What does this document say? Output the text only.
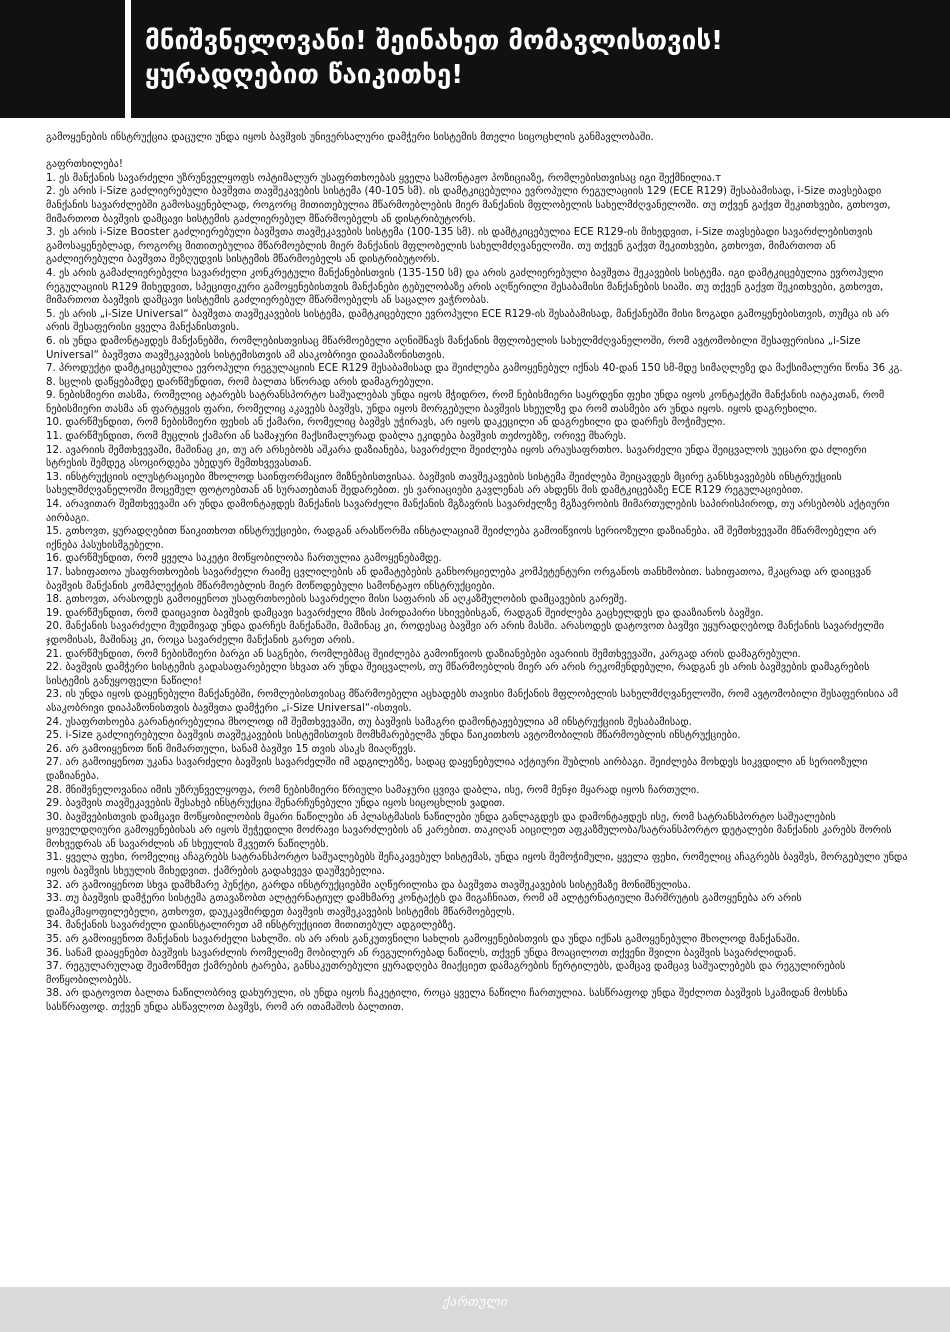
მნიშვნელოვანი! შეინახეთ მომავლისთვის!
ყურადღებით წაიკითხე!

გამოყენების ინსტრუქცია დაცული უნდა იყოს ბავშვის უნივერსალური დამჭერი სისტემის მთელი სიცოცხლის განმავლობაში.

გაფრთხილება!

1. ეს მანქანის სავარძელი უზრუნველყოფს ოპტიმალურ უსაფრთხოებას ყველა სამონტაჟო პოზიციაზე, რომლებისთვისაც იგი შექმნილია.т

2. ეს არის i-Size გაძლიერებული ბავშვთა თავშეკავების სისტემა (40-105 სმ). ის დამტკიცებულია ევროპული რეგულაციის 129 (ECE R129) შესაბამისად, i-Size თავსებადი მანქანის სავარძლებში გამოსაყენებლად, როგორც მითითებულია მწარმოებლების მიერ მანქანის მფლობელის სახელმძღვანელოში. თუ თქვენ გაქვთ შეკითხვები, გთხოვთ, მიმართოთ ბავშვის დამცავი სისტემის გაძლიერებულ მწარმოებელს ან დისტრიბუტორს.

3. ეს არის i-Size Booster გაძლიერებული ბავშვთა თავშეკავების სისტემა (100-135 სმ). ის დამტკიცებულია ECE R129-ის მიხედვით, i-Size თავსებადი სავარძლებისთვის გამოსაყენებლად, როგორც მითითებულია მწარმოებლის მიერ მანქანის მფლობელის სახელმძღვანელოში. თუ თქვენ გაქვთ შეკითხვები, გთხოვთ, მიმართოთ ან გაძლიერებული ბავშვთა შეზღუდვის სისტემის მწარმოებელს ან დისტრიბუტორს.

4. ეს არის გამაძლიერებელი სავარძელი კონკრეტული მანქანებისთვის (135-150 სმ) და არის გაძლიერებული ბავშვთა შეკავების სისტემა. იგი დამტკიცებულია ევროპული რეგულაციის R129 მიხედვით, სპეციფიკური გამოყენებისთვის მანქანები ტებულობაზე არის აღწერილი შესაბამისი მანქანების სიაში. თუ თქვენ გაქვთ შეკითხვები, გთხოვთ, მიმართოთ ბავშვის დამცავი სისტემის გაძლიერებულ მწარმოებელს ან საცალო ვაჭრობას.

5. ეს არის „i-Size Universal“ ბავშვთა თავშეკავების სისტემა, დამტკიცებული ევროპული ECE R129-ის შესაბამისად, მანქანებში მისი ზოგადი გამოყენებისთვის, თუმცა ის არ არის შესაფერისი ყველა მანქანისთვის.

6. ის უნდა დამონტაჟდეს მანქანებში, რომლებისთვისაც მწარმოებელი აღნიშნავს მანქანის მფლობელის სახელმძღვანელოში, რომ ავტომობილი შესაფერისია „i-Size Universal“ ბავშვთა თავშეკავების სისტემისთვის ამ ასაკობრივი დიაპაზონისთვის.

7. პროდუქტი დამტკიცებულია ევროპული რეგულაციის ECE R129 შესაბამისად და შეიძლება გამოყენებულ იქნას 40-დან 150 სმ-მდე სიმაღლეზე და მაქსიმალური წონა 36 კგ.

8. სცლის დაწყებამდე დარწმუნდით, რომ ბალთა სწორად არის დამაგრებული.

9. ნებისმიერი თასმა, რომელიც ატარებს სატრანსპორტო საშუალებას უნდა იყოს მჭიდრო, რომ ნებისმიერი საყრდენი ფეხი უნდა იყოს კონტაქტში მანქანის იატაკთან, რომ ნებისმიერი თასმა ან ფარტყვის ფარი, რომელიც აკავებს ბავშვს, უნდა იყოს მორგებული ბავშვის სხეულზე და რომ თასმები არ უნდა იყოს. იყოს დაგრეხილი.

10. დარწმუნდით, რომ ნებისმიერი ფეხის ან ქამარი, რომელიც ბავშვს უჭირავს, არ იყოს დაკეცილი ან დაგრეხილი და დარჩეს მოჭიმული.

11. დარწმუნდით, რომ მუცლის ქამარი ან სამაჯური მაქსიმალურად დაბლა ეკიდება ბავშვის თეძოებზე, ორივე მხარეს.

12. ავარიის შემთხვევაში, მაშინაც კი, თუ არ არსებობს აშკარა დაზიანება, სავარძელი შეიძლება იყოს არაუსაფრთხო. სავარძელი უნდა შეიცვალოს უეცარი და ძლიერი სტრესის შემდეგ ასოცირდება უბედურ შემთხვევასთან.

13. ინსტრუქციის ილუსტრაციები მხოლოდ საინფორმაციო მიზნებისთვისაა. ბავშვის თავშეკავების სისტემა შეიძლება შეიცავდეს მცირე განსხვავებებს ინსტრუქციის სახელმძღვანელოში მოცემულ ფოტოებთან ან სურათებთან შედარებით. ეს ვარიაციები გავლენას არ ახდენს მის დამტკიცებაზე ECE R129 რეგულაციებით.

14. არავითარ შემთხვევაში არ უნდა დამონტაჟდეს მანქანის სავარძელი მანქანის მგზავრის სავარძელზე მგზავრობის მიმართულების საპირისპიროდ, თუ არსებობს აქტიური აირბაგი.

15. გთხოვთ, ყურადღებით წაიკითხოთ ინსტრუქციები, რადგან არასწორმა ინსტალაციამ შეიძლება გამოიწვიოს სერიოზული დაზიანება. ამ შემთხვევაში მწარმოებელი არ იქნება პასუხისმგებელი.

16. დარწმუნდით, რომ ყველა საკეტი მოწყობილობა ჩართულია გამოყენებამდე.

17. სახიფათოა უსაფრთხოების სავარძელი რაიმე ცვლილების ან დამატებების განხორციელება კომპეტენტური ორგანოს თანხმობით. სახიფათოა, მკაცრად არ დაიცვან ბავშვის მანქანის კომპლექტის მწარმოებლის მიერ მოწოდებული სამონტაჟო ინსტრუქციები.

18. გთხოვთ, არასოდეს გამოიყენოთ უსაფრთხოების სავარძელი მისი საფარის ან აღკაზმულობის დამცავების გარეშე.

19. დარწმუნდით, რომ დაიცავით ბავშვის დამცავი სავარძელი მზის პირდაპირი სხივებისგან, რადგან შეიძლება გაცხელდეს და დააზიანოს ბავშვი.

20. მანქანის სავარძელი მუდმივად უნდა დარჩეს მანქანაში, მაშინაც კი, როდესაც ბავშვი არ არის მასში. არასოდეს დატოვოთ ბავშვი უყურადღებოდ მანქანის სავარძელში ჯდომისას, მაშინაც კი, როცა სავარძელი მანქანის გარეთ არის.

21. დარწმუნდით, რომ ნებისმიერი ბარგი ან საგნები, რომლებმაც შეიძლება გამოიწვიოს დაზიანებები ავარიის შემთხვევაში, კარგად არის დამაგრებული.

22. ბავშვის დამჭერი სისტემის გადასაფარებელი სხვათ არ უნდა შეიცვალოს, თუ მწარმოებლის მიერ არ არის რეკომენდებული, რადგან ეს არის ბავშვების დამაგრების სისტემის განუყოფელი ნაწილი!

23. ის უნდა იყოს დაყენებული მანქანებში, რომლებისთვისაც მწარმოებელი აცხადებს თავისი მანქანის მფლობელის სახელმძღვანელოში, რომ ავტომობილი შესაფერისია ამ ასაკობრივი დიაპაზონისთვის ბავშვთა დამჭერი „i-Size Universal“-ისთვის.

24. უსაფრთხოება გარანტირებულია მხოლოდ იმ შემთხვევაში, თუ ბავშვის სამაგრი დამონტაჟებულია ამ ინსტრუქციის შესაბამისად.

25. i-Size გაძლიერებული ბავშვის თავშეკავების სისტემისთვის მომხმარებელმა უნდა წაიკითხოს ავტომობილის მწარმოებლის ინსტრუქციები.

26. არ გამოიყენოთ წინ მიმართული, სანამ ბავშვი 15 თვის ასაკს მიაღწევს.

27. არ გამოიყენოთ უკანა სავარძელი ბავშვის სავარძელში იმ ადგილებზე, სადაც დაყენებულია აქტიური შუბლის აირბაგი. შეიძლება მოხდეს სიკვდილი ან სერიოზული დაზიანება.

28. მნიშვნელოვანია იმის უზრუნველყოფა, რომ ნებისმიერი წრიული სამაჯური ცვივა დაბლა, ისე, რომ მენჯი მყარად იყოს ჩართული.

29. ბავშვის თავშეკავების შესახებ ინსტრუქცია შენარჩუნებული უნდა იყოს სიცოცხლის ვადით.

30. ბავშვებისთვის დამცავი მოწყობილობის მყარი ნაწილები ან პლასტმასის ნაწილები უნდა განლაგდეს და დამონტაჟდეს ისე, რომ სატრანსპორტო საშუალების ყოველდღიური გამოყენებისას არ იყოს შეჭედილი მოძრავი სავარძლების ან კარებით. თაკიღან აიცილეთ აფკაზმულობა/სატრანსპორტო დეტალები მანქანის კარებს შორის მოხვედრას ან სავარძლის ან სხეულის მკვეთრ ნაწილებს.

31. ყველა ფეხი, რომელიც აჩაგრებს სატრანსპორტო საშუალებებს შეჩაკავებულ სისტემას, უნდა იყოს შემოჭიმული, ყველა ფეხი, რომელიც აჩაგრებს ბავშვს, მორგებული უნდა იყოს ბავშვის სხეულის მიხედვით. ქამრების გადახვევა დაუშვებელია.

32. არ გამოიყენოთ სხვა დამხმარე პუნქტი, გარდა ინსტრუქციებში აღწერილისა და ბავშვთა თავშეკავების სისტემაზე მონიშნულისა.

33. თუ ბავშვის დამჭერი სისტემა გთავაზობთ ალტერნატიულ დამხმარე კონტაქტს და მიგაჩნიათ, რომ ამ ალტერნატიული მარშრუტის გამოყენება არ არის დამაკმაყოფილებელი, გთხოვთ, დაუკავშირდეთ ბავშვის თავშეკავების სისტემის მწარმოებელს.

34. მანქანის სავარძელი დაინსტალირეთ ამ ინსტრუქციით მითითებულ ადგილებზე.

35. არ გამოიყენოთ მანქანის სავარძელი სახლში. ის არ არის განკუთვნილი სახლის გამოყენებისთვის და უნდა იქნას გამოყენებული მხოლოდ მანქანაში.

36. სანამ დააყენებთ ბავშვის სავარძლის რომელიმე მობილურ ან რეგულირებად ნაწილს, თქვენ უნდა მოაცილოთ თქვენი შვილი ბავშვის სავარძლიდან.

37. რეგულარულად შეამოწმეთ ქამრების ტარება, განსაკუთრებული ყურადღება მიაქციეთ დამაგრების წერტილებს, დამცავ დამცავ საშუალებებს და რეგულირების მოწყობილობებს.

38. არ დატოვოთ ბალთა ნაწილობრივ დახურული, ის უნდა იყოს ჩაკეტილი, როცა ყველა ნაწილი ჩართულია. სასწრაფოდ უნდა შეძლოთ ბავშვის სკამიდან მოხსნა სასწრაფოდ. თქვენ უნდა ასწავლოთ ბავშვს, რომ არ ითამაშოს ბალთით.

ქართული
